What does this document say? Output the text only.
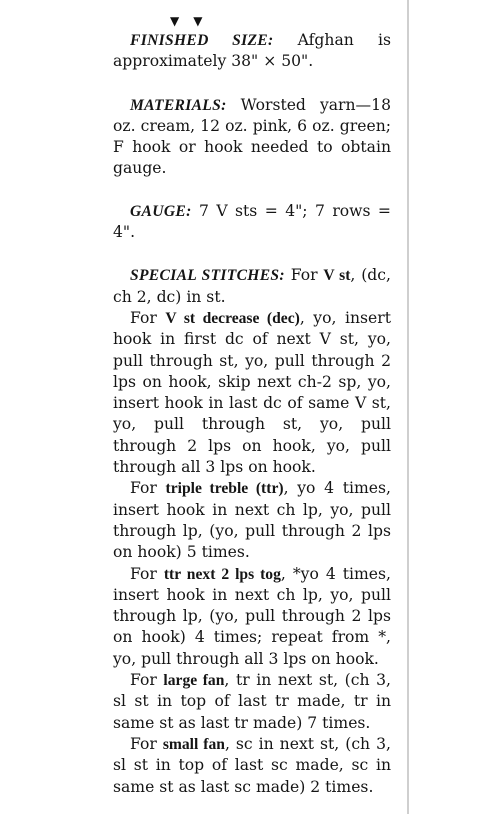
▼▼

FINISHED SIZE: Afghan is approximately 38" × 50".

MATERIALS: Worsted yarn—18 oz. cream, 12 oz. pink, 6 oz. green; F hook or hook needed to obtain gauge.

GAUGE: 7 V sts = 4"; 7 rows = 4".

SPECIAL STITCHES: For V st, (dc, ch 2, dc) in st.

For V st decrease (dec), yo, insert hook in first dc of next V st, yo, pull through st, yo, pull through 2 lps on hook, skip next ch-2 sp, yo, insert hook in last dc of same V st, yo, pull through st, yo, pull through 2 lps on hook, yo, pull through all 3 lps on hook.

For triple treble (ttr), yo 4 times, insert hook in next ch lp, yo, pull through lp, (yo, pull through 2 lps on hook) 5 times.

For ttr next 2 lps tog, *yo 4 times, insert hook in next ch lp, yo, pull through lp, (yo, pull through 2 lps on hook) 4 times; repeat from *, yo, pull through all 3 lps on hook.

For large fan, tr in next st, (ch 3, sl st in top of last tr made, tr in same st as last tr made) 7 times.

For small fan, sc in next st, (ch 3, sl st in top of last sc made, sc in same st as last sc made) 2 times.
